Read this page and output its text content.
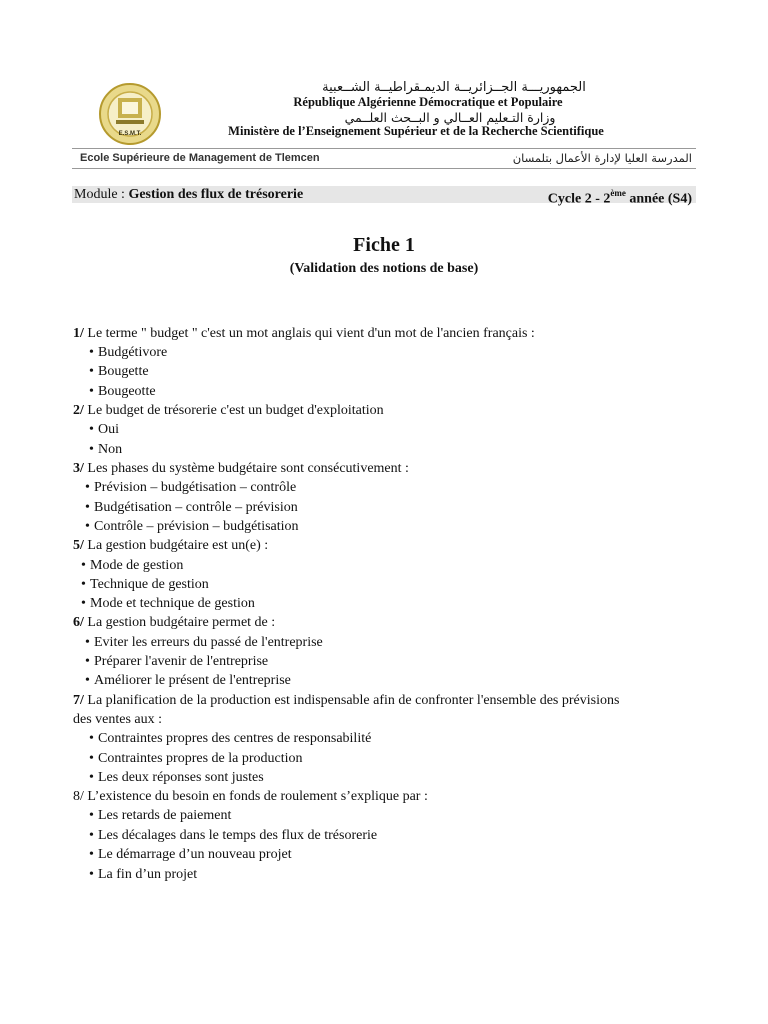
E.S.M.T.
الجمهوريـــة الجــزائريــة الديمـقراطيــة الشــعبية
République Algérienne Démocratique et Populaire
وزارة التـعليم العــالي و البــحث العلــمي
Ministère de l’Enseignement Supérieur et de la Recherche Scientifique
Ecole Supérieure de Management de Tlemcen	المدرسة العليا لإدارة الأعمال بتلمسان
Module : Gestion des flux de trésorerie	Cycle 2 - 2ème année (S4)
Fiche 1
(Validation des notions de base)
1/ Le terme " budget " c'est un mot anglais qui vient d'un mot de l'ancien français :
• Budgétivore
• Bougette
• Bougeotte
2/ Le budget de trésorerie c'est un budget d'exploitation
• Oui
• Non
3/ Les phases du système budgétaire sont consécutivement :
• Prévision – budgétisation – contrôle
• Budgétisation – contrôle – prévision
• Contrôle – prévision – budgétisation
5/ La gestion budgétaire est un(e) :
• Mode de gestion
• Technique de gestion
• Mode et technique de gestion
6/ La gestion budgétaire permet de :
• Eviter les erreurs du passé de l'entreprise
• Préparer l'avenir de l'entreprise
• Améliorer le présent de l'entreprise
7/ La planification de la production est indispensable afin de confronter l'ensemble des prévisions
des ventes aux :
• Contraintes propres des centres de responsabilité
• Contraintes propres de la production
• Les deux réponses sont justes
8/ L’existence du besoin en fonds de roulement s’explique par :
• Les retards de paiement
• Les décalages dans le temps des flux de trésorerie
• Le démarrage d’un nouveau projet
• La fin d’un projet
